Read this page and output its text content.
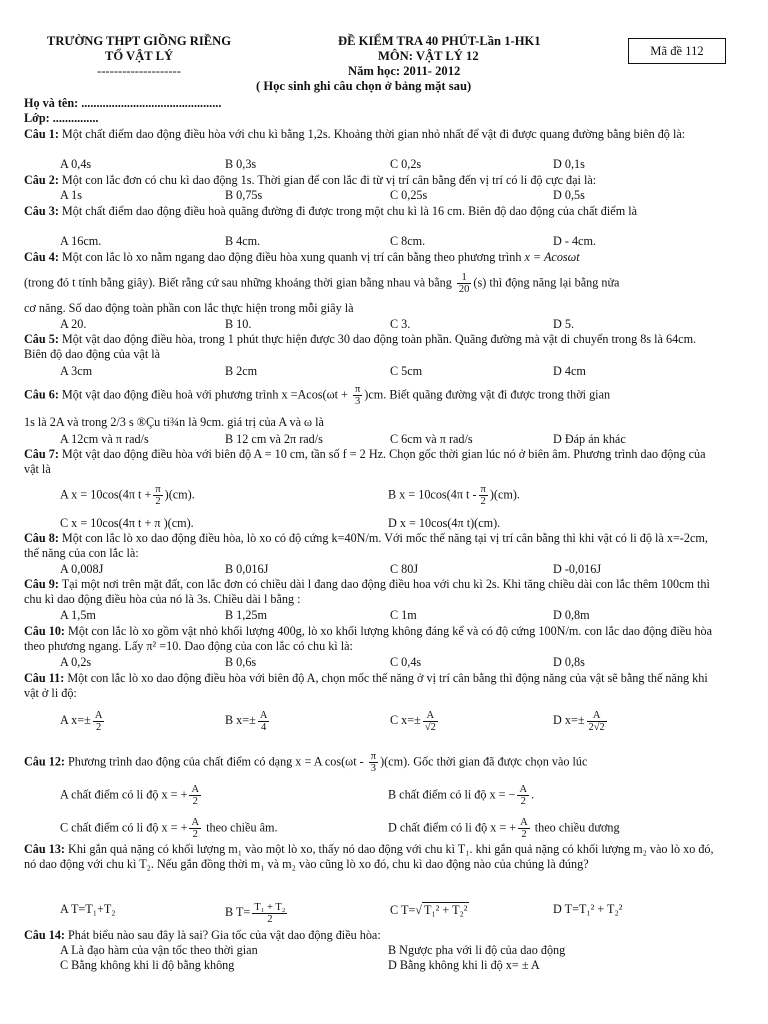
TRƯỜNG THPT GIỒNG RIỀNG
TỔ VẬT LÝ
--------------------
ĐỀ KIỂM TRA 40 PHÚT-Lần 1-HK1
MÔN: VẬT LÝ 12
Năm học: 2011- 2012
( Học sinh ghi câu chọn ở bảng mặt sau)
Mã đề 112
Họ và tên: ..............................................
Lớp: ...............
Câu 1: Một chất điểm dao động điều hòa với chu kì bằng 1,2s. Khoảng thời gian nhỏ nhất để vật đi được quang đường bằng biên độ là:
A 0,4s	B 0,3s	C 0,2s	D 0,1s
Câu 2: Một con lắc đơn có chu kì dao động 1s. Thời gian để con lắc đi từ vị trí cân bằng đến vị trí có li độ cực đại là:
A 1s	B 0,75s	C 0,25s	D 0,5s
Câu 3: Một chất điểm dao động điều hoà quãng đường đi được trong một chu kì là 16 cm. Biên độ dao động của chất điểm là
A 16cm.	B 4cm.	C 8cm.	D - 4cm.
Câu 4: Một con lắc lò xo nằm ngang dao động điều hòa xung quanh vị trí cân bằng theo phương trình x = Acosωt
(trong đó t tính bằng giây). Biết rằng cứ sau những khoảng thời gian bằng nhau và bằng $\frac{1}{20} (s)$ thì động năng lại bằng nửa
cơ năng. Số dao động toàn phần con lắc thực hiện trong mỗi giây là
A 20.	B 10.	C 3.	D 5.
Câu 5: Một vật dao động điều hòa, trong 1 phút thực hiện được 30 dao động toàn phần. Quãng đường mà vật di chuyển trong 8s là 64cm. Biên độ dao động của vật là
A 3cm	B 2cm	C 5cm	D 4cm
Câu 6: Một vật dao động điều hoà với phương trình $x =Acos(\omega t + \frac{\pi}{3} )cm$. Biết quãng đường vật đi được trong thời gian
1s là 2A và trong 2/3 s ®Çu ti¾n là 9cm. giá trị của A và ω là
A 12cm và π rad/s	B 12 cm và 2π rad/s	C 6cm và π rad/s	D Đáp án khác
Câu 7: Một vật dao động điều hòa với biên độ A = 10 cm, tần số f = 2 Hz. Chọn gốc thời gian lúc nó ở biên âm. Phương trình dao động của vật là
A x = 10cos(4π $t + \frac{\pi}{2} )(cm)$.	B x = 10cos(4π t - $\frac{\pi}{2} )(cm)$.
C x = 10cos(4π t + π )(cm).	D x = 10cos(4π t)(cm).
Câu 8: Một con lắc lò xo dao động điều hòa, lò xo có độ cứng k=40N/m. Với mốc thế năng tại vị trí cân bằng thì khi vật có li độ là x=-2cm, thế năng của con lắc là:
A 0,008J	B 0,016J	C 80J	D -0,016J
Câu 9: Tại một nơi trên mặt đất, con lắc đơn có chiều dài l đang dao động điều hoa với chu kì 2s. Khi tăng chiều dài con lắc thêm 100cm thì chu kì dao động điều hòa của nó là 3s. Chiều dài l bằng :
A 1,5m	B 1,25m	C 1m	D 0,8m
Câu 10: Một con lắc lò xo gồm vật nhỏ khối lượng 400g, lò xo khối lượng không đáng kể và có độ cứng 100N/m. con lắc dao động điều hòa theo phương ngang. Lấy π² =10. Dao động của con lắc có chu kì là:
A 0,2s	B 0,6s	C 0,4s	D 0,8s
Câu 11: Một con lắc lò xo dao động điều hòa với biên độ A, chọn mốc thế năng ở vị trí cân bằng thì động năng của vật sẽ bằng thế năng khi vật ở li độ:
A $x=\pm \frac{A}{2}$	B $x=\pm \frac{A}{4}$	C $x=\pm \frac{A}{√2}$	D $x=\pm \frac{A}{2√2}$
Câu 12: Phương trình dao động của chất điểm có dạng x = A $\cos(\omega t - \frac{\pi}{3} )(cm)$. Gốc thời gian đã được chọn vào lúc
A chất điểm có li độ x = + $\frac{A}{2}$	B chất điểm có li độ x = − $\frac{A}{2}$ .
C chất điểm có li độ x = + $\frac{A}{2}$ theo chiều âm.	D chất điểm có li độ x = + $\frac{A}{2}$ theo chiều dương
Câu 13: Khi gắn quả nặng có khối lượng m₁ vào một lò xo, thấy nó dao động với chu kì T₁. khi gắn quả nặng có khối lượng m₂ vào lò xo đó, nó dao động với chu kì T₂. Nếu gắn đồng thời m₁ và m₂ vào cũng lò xo đó, chu kì dao động nào của chúng là đúng?
A T=T₁+T₂	B $T= \frac{\text{T₁ + T₂}}{2}$	C T=√ T₁² + T₂²	D T=T₁² + T₂²
Câu 14: Phát biểu nào sau đây là sai? Gia tốc của vật dao động điều hòa:
A Là đạo hàm của vận tốc theo thời gian	B Ngược pha với li độ của dao động
C Bằng không khi li độ bằng không	D Bằng không khi li độ x= ± A
